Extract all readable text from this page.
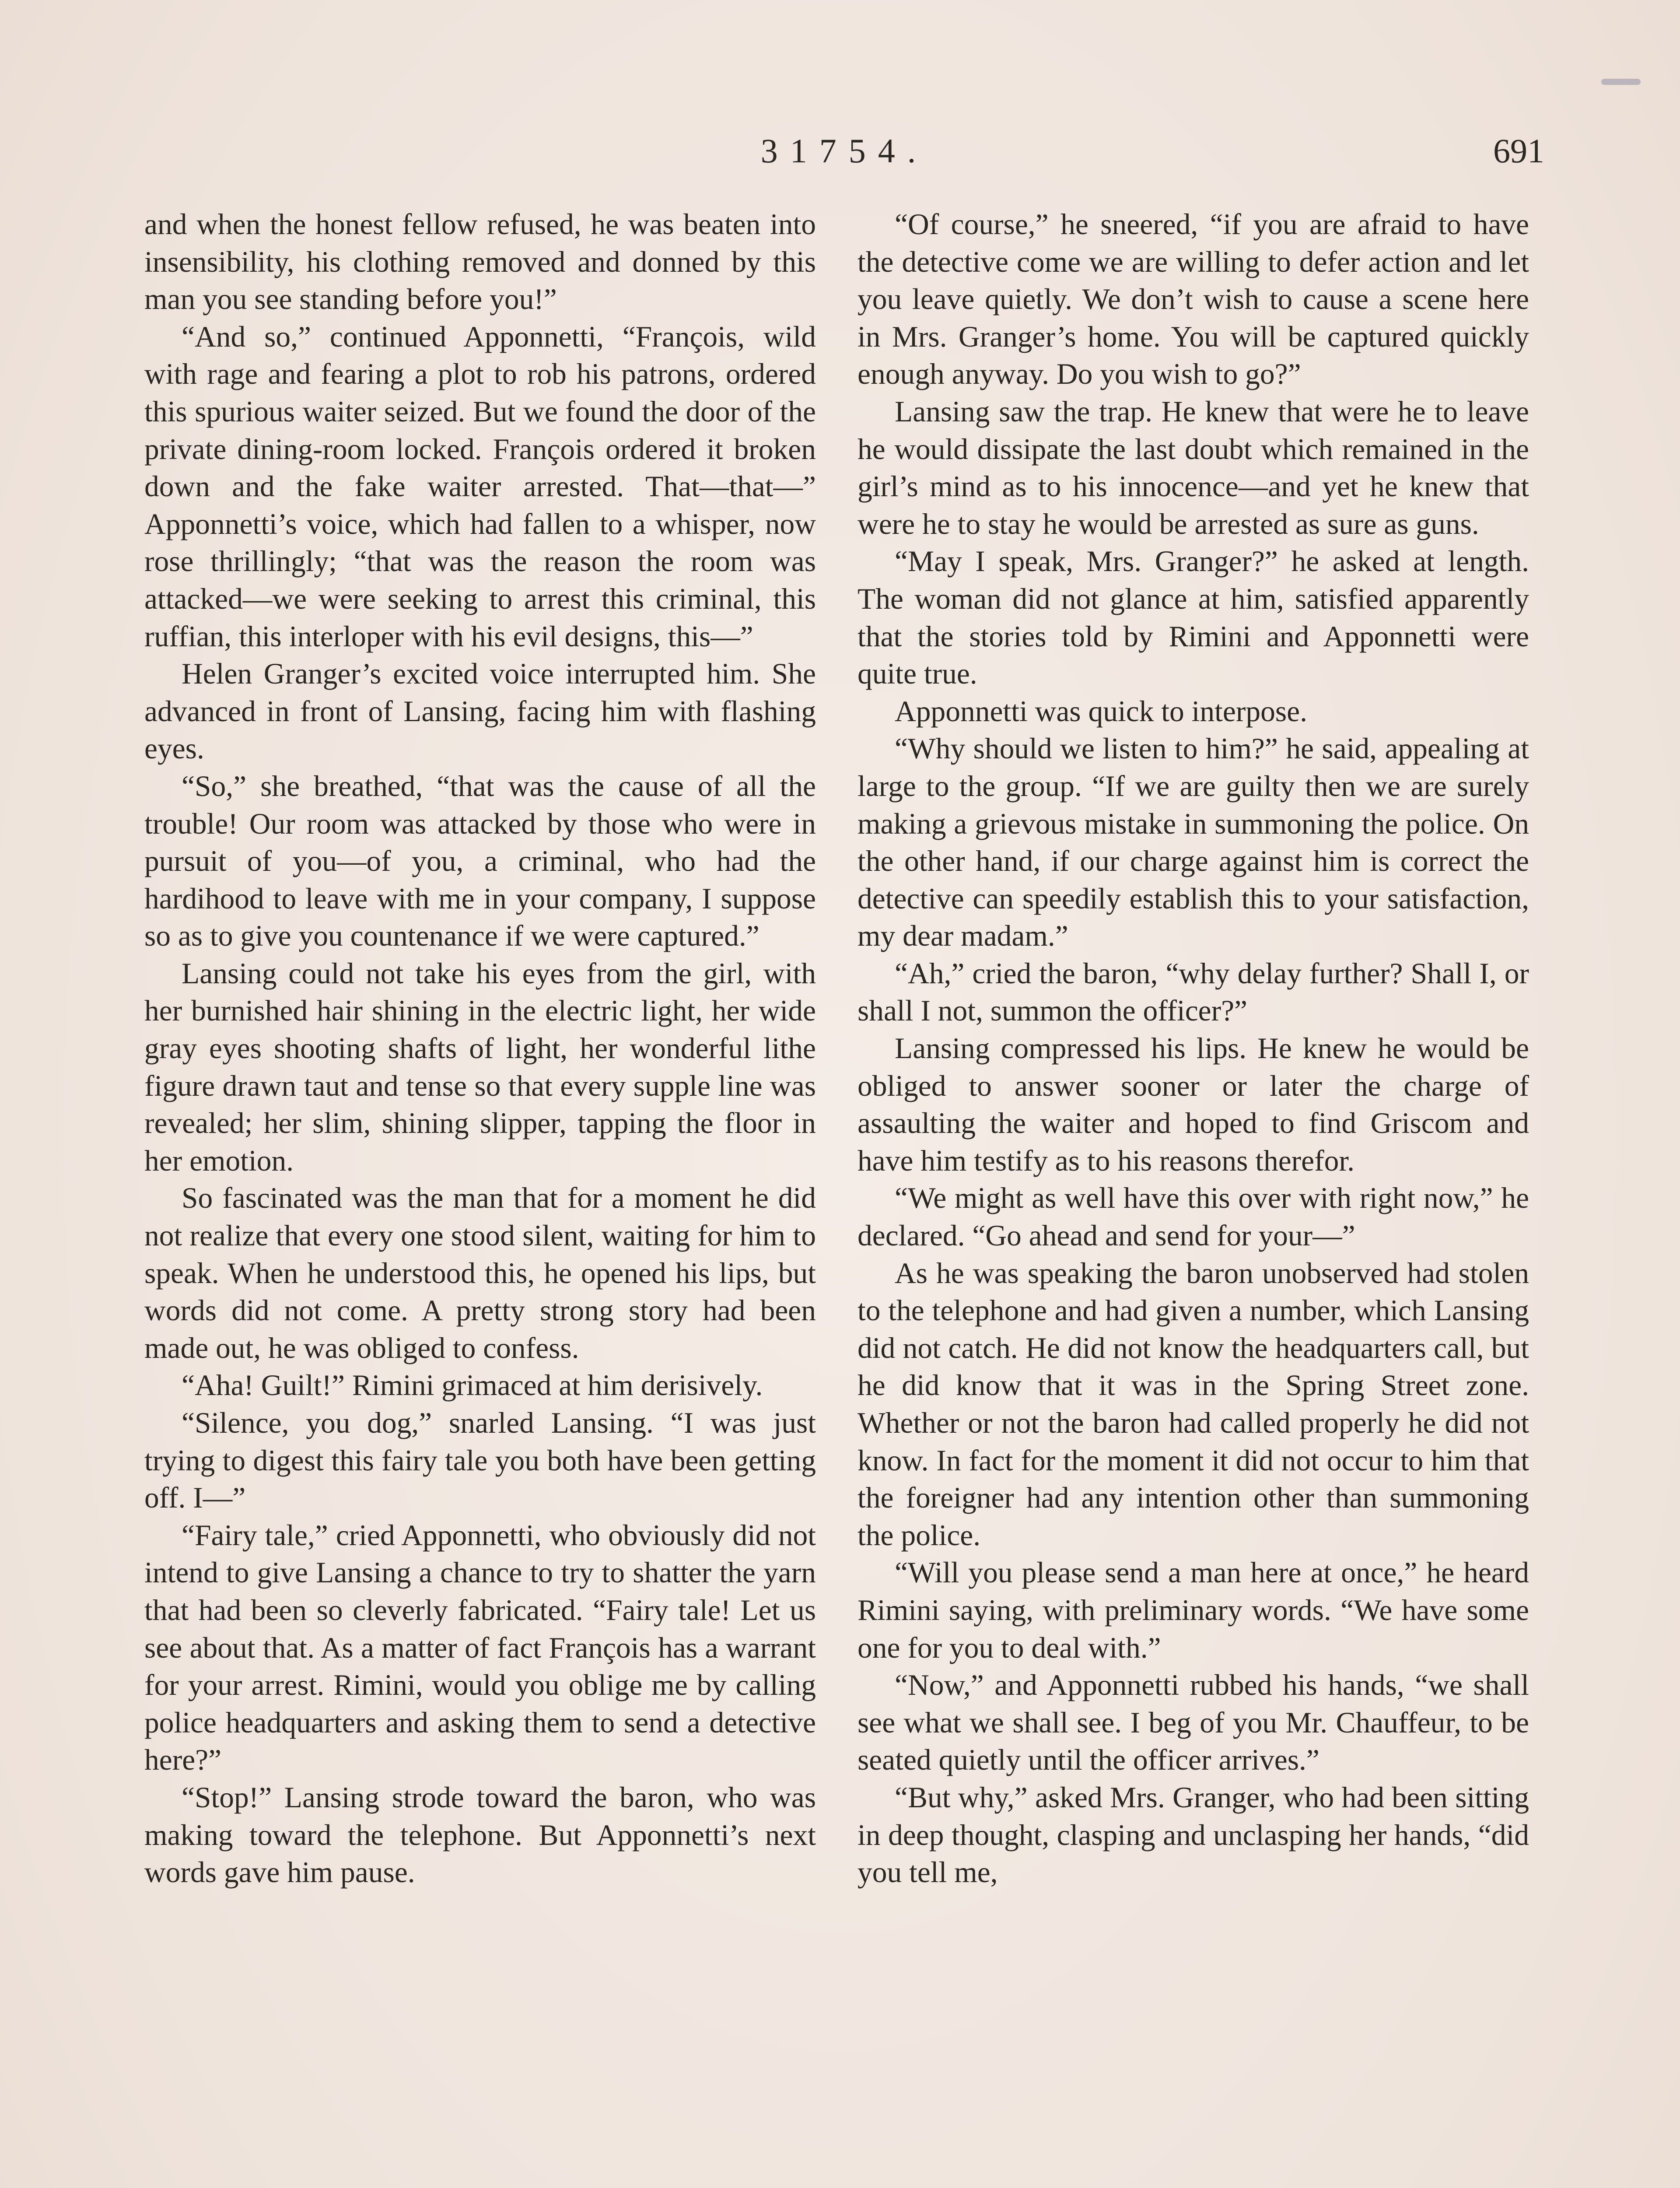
31754.	691

and when the honest fellow refused, he was beaten into insensibility, his clothing removed and donned by this man you see standing before you!”

“And so,” continued Apponnetti, “François, wild with rage and fearing a plot to rob his patrons, ordered this spurious waiter seized. But we found the door of the private dining-room locked. François ordered it broken down and the fake waiter arrested. That—that—” Apponnetti’s voice, which had fallen to a whisper, now rose thrillingly; “that was the reason the room was attacked—we were seeking to arrest this criminal, this ruffian, this interloper with his evil designs, this—”

Helen Granger’s excited voice interrupted him. She advanced in front of Lansing, facing him with flashing eyes.

“So,” she breathed, “that was the cause of all the trouble! Our room was attacked by those who were in pursuit of you—of you, a criminal, who had the hardihood to leave with me in your company, I suppose so as to give you countenance if we were captured.”

Lansing could not take his eyes from the girl, with her burnished hair shining in the electric light, her wide gray eyes shooting shafts of light, her wonderful lithe figure drawn taut and tense so that every supple line was revealed; her slim, shining slipper, tapping the floor in her emotion.

So fascinated was the man that for a moment he did not realize that every one stood silent, waiting for him to speak. When he understood this, he opened his lips, but words did not come. A pretty strong story had been made out, he was obliged to confess.

“Aha! Guilt!” Rimini grimaced at him derisively.

“Silence, you dog,” snarled Lansing. “I was just trying to digest this fairy tale you both have been getting off. I—”

“Fairy tale,” cried Apponnetti, who obviously did not intend to give Lansing a chance to try to shatter the yarn that had been so cleverly fabricated. “Fairy tale! Let us see about that. As a matter of fact François has a warrant for your arrest. Rimini, would you oblige me by calling police headquarters and asking them to send a detective here?”

“Stop!” Lansing strode toward the baron, who was making toward the telephone. But Apponnetti’s next words gave him pause.

“Of course,” he sneered, “if you are afraid to have the detective come we are willing to defer action and let you leave quietly. We don’t wish to cause a scene here in Mrs. Granger’s home. You will be captured quickly enough anyway. Do you wish to go?”

Lansing saw the trap. He knew that were he to leave he would dissipate the last doubt which remained in the girl’s mind as to his innocence—and yet he knew that were he to stay he would be arrested as sure as guns.

“May I speak, Mrs. Granger?” he asked at length. The woman did not glance at him, satisfied apparently that the stories told by Rimini and Apponnetti were quite true.

Apponnetti was quick to interpose.

“Why should we listen to him?” he said, appealing at large to the group. “If we are guilty then we are surely making a grievous mistake in summoning the police. On the other hand, if our charge against him is correct the detective can speedily establish this to your satisfaction, my dear madam.”

“Ah,” cried the baron, “why delay further? Shall I, or shall I not, summon the officer?”

Lansing compressed his lips. He knew he would be obliged to answer sooner or later the charge of assaulting the waiter and hoped to find Griscom and have him testify as to his reasons therefor.

“We might as well have this over with right now,” he declared. “Go ahead and send for your—”

As he was speaking the baron unobserved had stolen to the telephone and had given a number, which Lansing did not catch. He did not know the headquarters call, but he did know that it was in the Spring Street zone. Whether or not the baron had called properly he did not know. In fact for the moment it did not occur to him that the foreigner had any intention other than summoning the police.

“Will you please send a man here at once,” he heard Rimini saying, with preliminary words. “We have some one for you to deal with.”

“Now,” and Apponnetti rubbed his hands, “we shall see what we shall see. I beg of you Mr. Chauffeur, to be seated quietly until the officer arrives.”

“But why,” asked Mrs. Granger, who had been sitting in deep thought, clasping and unclasping her hands, “did you tell me,
